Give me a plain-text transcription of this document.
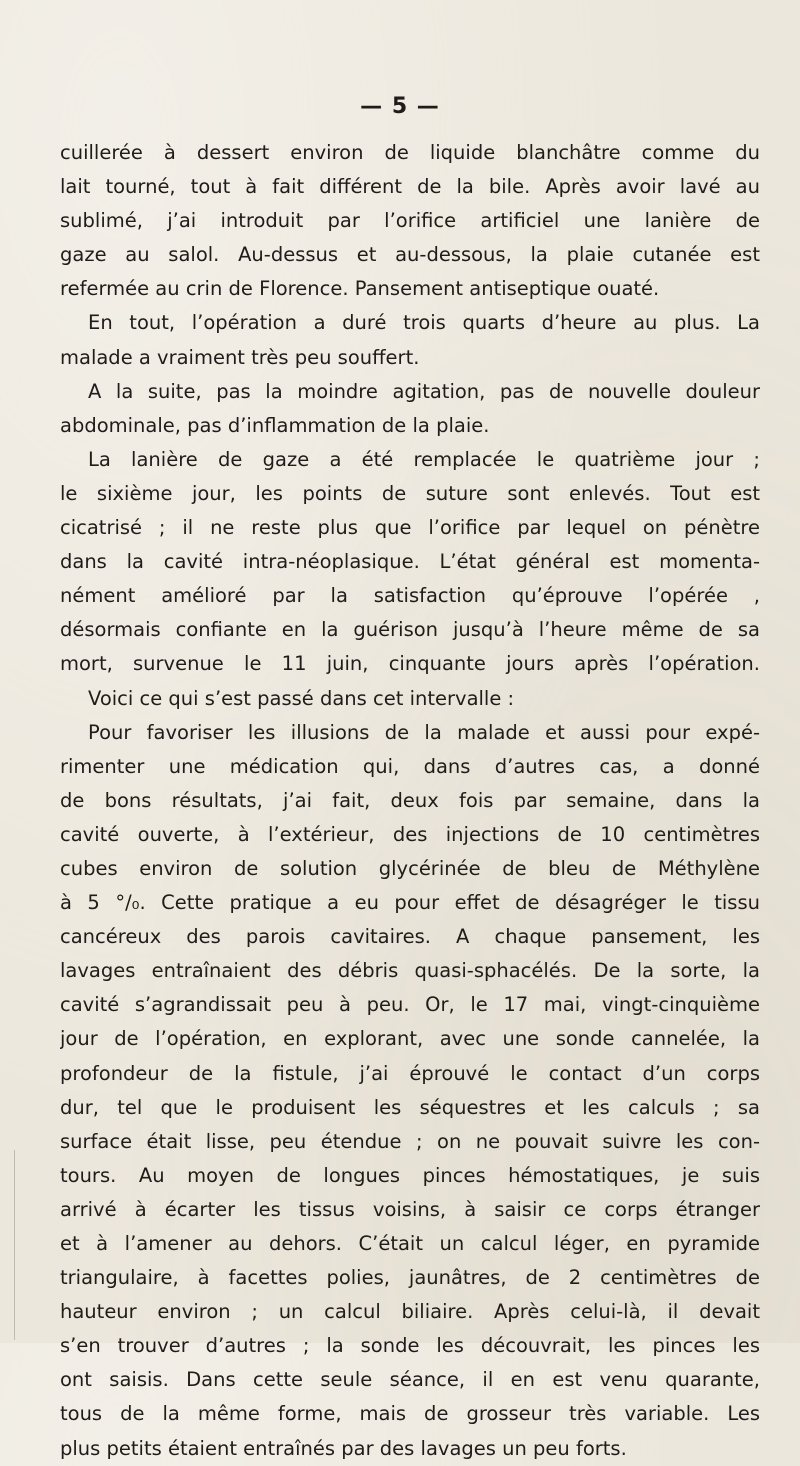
— 5 —
cuillerée à dessert environ de liquide blanchâtre comme du
lait tourné, tout à fait différent de la bile. Après avoir lavé au
sublimé, j’ai introduit par l’orifice artificiel une lanière de
gaze au salol. Au-dessus et au-dessous, la plaie cutanée est
refermée au crin de Florence. Pansement antiseptique ouaté.
En tout, l’opération a duré trois quarts d’heure au plus. La
malade a vraiment très peu souffert.
A la suite, pas la moindre agitation, pas de nouvelle douleur
abdominale, pas d’inflammation de la plaie.
La lanière de gaze a été remplacée le quatrième jour ;
le sixième jour, les points de suture sont enlevés. Tout est
cicatrisé ; il ne reste plus que l’orifice par lequel on pénètre
dans la cavité intra-néoplasique. L’état général est momenta-
nément amélioré par la satisfaction qu’éprouve l’opérée ,
désormais confiante en la guérison jusqu’à l’heure même de sa
mort, survenue le 11 juin, cinquante jours après l’opération.
Voici ce qui s’est passé dans cet intervalle :
Pour favoriser les illusions de la malade et aussi pour expé-
rimenter une médication qui, dans d’autres cas, a donné
de bons résultats, j’ai fait, deux fois par semaine, dans la
cavité ouverte, à l’extérieur, des injections de 10 centimètres
cubes environ de solution glycérinée de bleu de Méthylène
à 5 °/₀. Cette pratique a eu pour effet de désagréger le tissu
cancéreux des parois cavitaires. A chaque pansement, les
lavages entraînaient des débris quasi-sphacélés. De la sorte, la
cavité s’agrandissait peu à peu. Or, le 17 mai, vingt-cinquième
jour de l’opération, en explorant, avec une sonde cannelée, la
profondeur de la fistule, j’ai éprouvé le contact d’un corps
dur, tel que le produisent les séquestres et les calculs ; sa
surface était lisse, peu étendue ; on ne pouvait suivre les con-
tours. Au moyen de longues pinces hémostatiques, je suis
arrivé à écarter les tissus voisins, à saisir ce corps étranger
et à l’amener au dehors. C’était un calcul léger, en pyramide
triangulaire, à facettes polies, jaunâtres, de 2 centimètres de
hauteur environ ; un calcul biliaire. Après celui-là, il devait
s’en trouver d’autres ; la sonde les découvrait, les pinces les
ont saisis. Dans cette seule séance, il en est venu quarante,
tous de la même forme, mais de grosseur très variable. Les
plus petits étaient entraînés par des lavages un peu forts.
